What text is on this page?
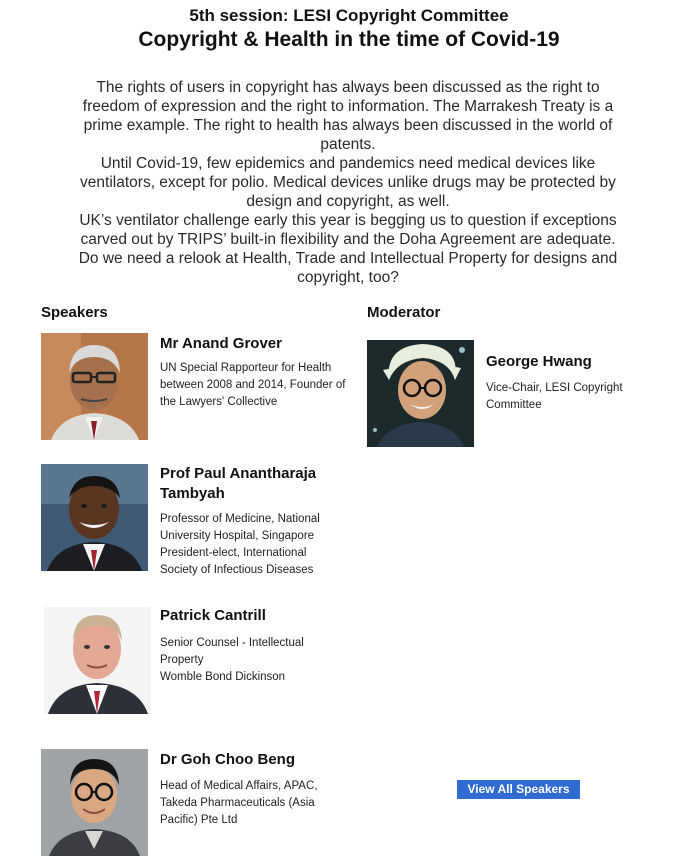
5th session: LESI Copyright Committee
Copyright & Health in the time of Covid-19

The rights of users in copyright has always been discussed as the right to freedom of expression and the right to information. The Marrakesh Treaty is a prime example. The right to health has always been discussed in the world of patents.

Until Covid-19, few epidemics and pandemics need medical devices like ventilators, except for polio. Medical devices unlike drugs may be protected by design and copyright, as well.

UK’s ventilator challenge early this year is begging us to question if exceptions carved out by TRIPS’ built-in flexibility and the Doha Agreement are adequate. Do we need a relook at Health, Trade and Intellectual Property for designs and copyright, too?

Speakers	Moderator
Mr Anand Grover
UN Special Rapporteur for Health between 2008 and 2014, Founder of the Lawyers' Collective
Prof Paul Anantharaja Tambyah
Professor of Medicine, National University Hospital, Singapore President-elect, International Society of Infectious Diseases
Patrick Cantrill
Senior Counsel - Intellectual Property
Womble Bond Dickinson
Dr Goh Choo Beng
Head of Medical Affairs, APAC, Takeda Pharmaceuticals (Asia Pacific) Pte Ltd
George Hwang
Vice-Chair, LESI Copyright Committee
View All Speakers
